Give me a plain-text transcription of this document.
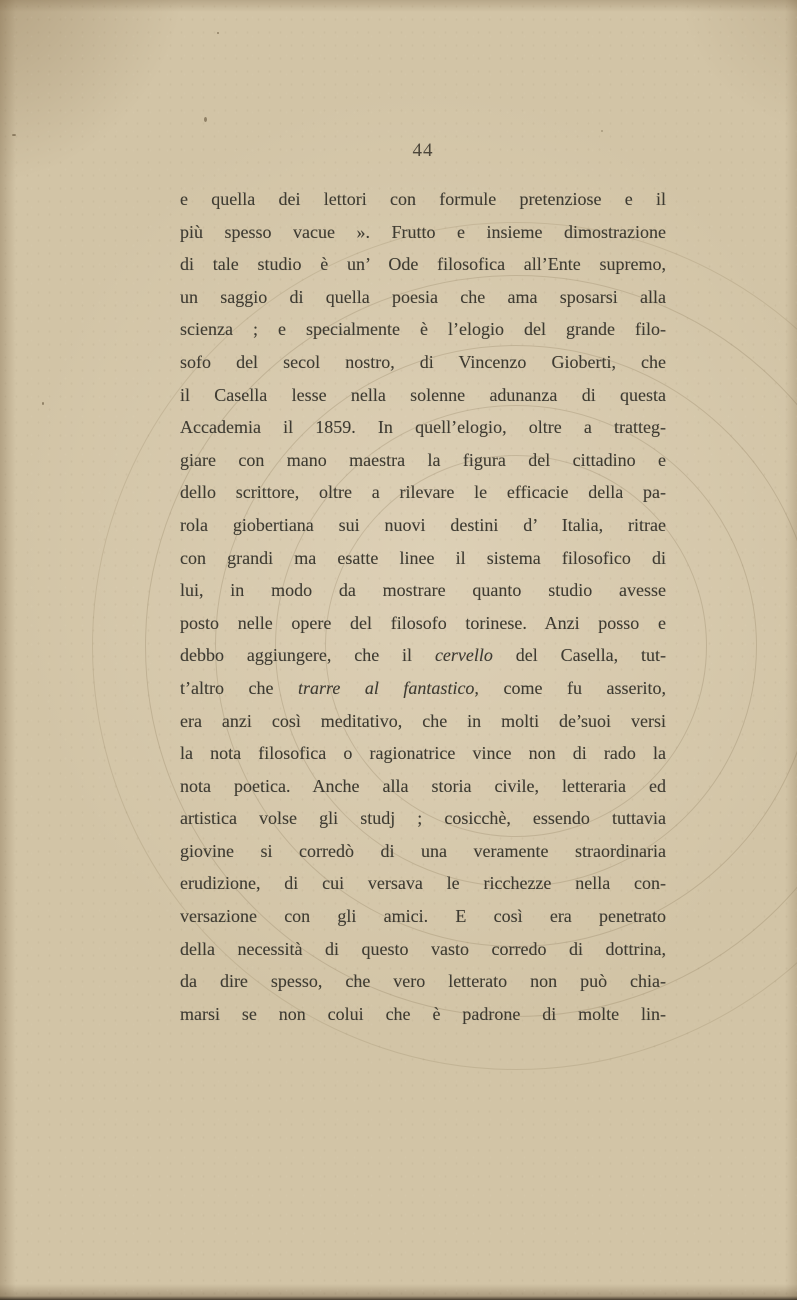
44
e quella dei lettori con formule pretenziose e il
più spesso vacue ». Frutto e insieme dimostrazione
di tale studio è un’ Ode filosofica all’Ente supremo,
un saggio di quella poesia che ama sposarsi alla
scienza ; e specialmente è l’elogio del grande filo-
sofo del secol nostro, di Vincenzo Gioberti, che
il Casella lesse nella solenne adunanza di questa
Accademia il 1859. In quell’elogio, oltre a tratteg-
giare con mano maestra la figura del cittadino e
dello scrittore, oltre a rilevare le efficacie della pa-
rola giobertiana sui nuovi destini d’ Italia, ritrae
con grandi ma esatte linee il sistema filosofico di
lui, in modo da mostrare quanto studio avesse
posto nelle opere del filosofo torinese. Anzi posso e
debbo aggiungere, che il cervello del Casella, tut-
t’altro che trarre al fantastico, come fu asserito,
era anzi così meditativo, che in molti de’suoi versi
la nota filosofica o ragionatrice vince non di rado la
nota poetica. Anche alla storia civile, letteraria ed
artistica volse gli studj ; cosicchè, essendo tuttavia
giovine si corredò di una veramente straordinaria
erudizione, di cui versava le ricchezze nella con-
versazione con gli amici. E così era penetrato
della necessità di questo vasto corredo di dottrina,
da dire spesso, che vero letterato non può chia-
marsi se non colui che è padrone di molte lin-
